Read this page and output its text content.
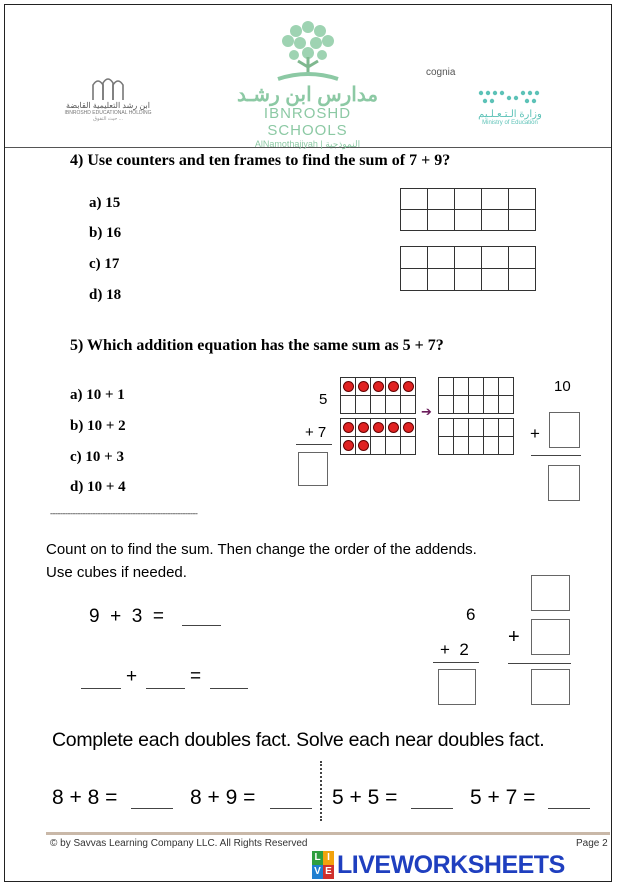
ابن رشد التعليمية القابضة
IBNROSHD EDUCATIONAL HOLDING
حيث التفوق ...
مدارس ابن رشـد
IBNROSHD SCHOOLS
AlNamothajiyah | النموذجية
cognia
وزارة الـتـعـلـيم
Ministry of Education
4) Use counters and ten frames to find the sum of 7 + 9?
a) 15
b) 16
c) 17
d) 18

5) Which addition equation has the same sum as 5 + 7?
a) 10 + 1
b) 10 + 2
c) 10 + 3
d) 10 + 4
5
+ 7

➔

10
+
-----------------------------------------------------------
Count on to find the sum. Then change the order of the addends.
Use cubes if needed.
9  +  3  =
+	=
6
+  2
+
Complete each doubles fact. Solve each near doubles fact.
8 + 8 =	8 + 9 =	5 + 5 =	5 + 7 =
© by Savvas Learning Company LLC. All Rights Reserved	Page 2
L I
V E LIVEWORKSHEETS
